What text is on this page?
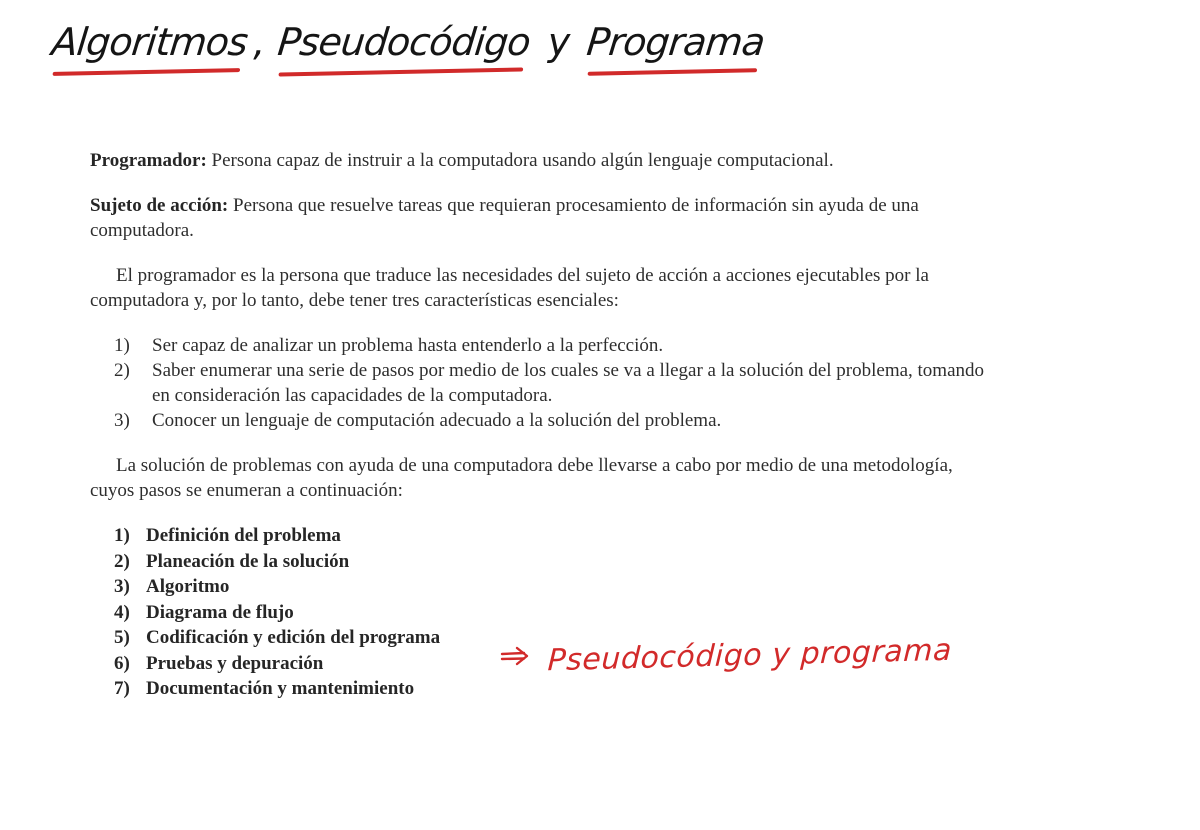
Algoritmos , Pseudocódigo y Programa

Programador: Persona capaz de instruir a la computadora usando algún lenguaje computacional.

Sujeto de acción: Persona que resuelve tareas que requieran procesamiento de información sin ayuda de una computadora.

El programador es la persona que traduce las necesidades del sujeto de acción a acciones ejecutables por la computadora y, por lo tanto, debe tener tres características esenciales:

1)	Ser capaz de analizar un problema hasta entenderlo a la perfección.
2)	Saber enumerar una serie de pasos por medio de los cuales se va a llegar a la solución del problema, tomando en consideración las capacidades de la computadora.
3)	Conocer un lenguaje de computación adecuado a la solución del problema.

La solución de problemas con ayuda de una computadora debe llevarse a cabo por medio de una metodología, cuyos pasos se enumeran a continuación:

1) Definición del problema
2) Planeación de la solución
3) Algoritmo
4) Diagrama de flujo
5) Codificación y edición del programa
6) Pruebas y depuración
7) Documentación y mantenimiento
Pseudocódigo y programa
